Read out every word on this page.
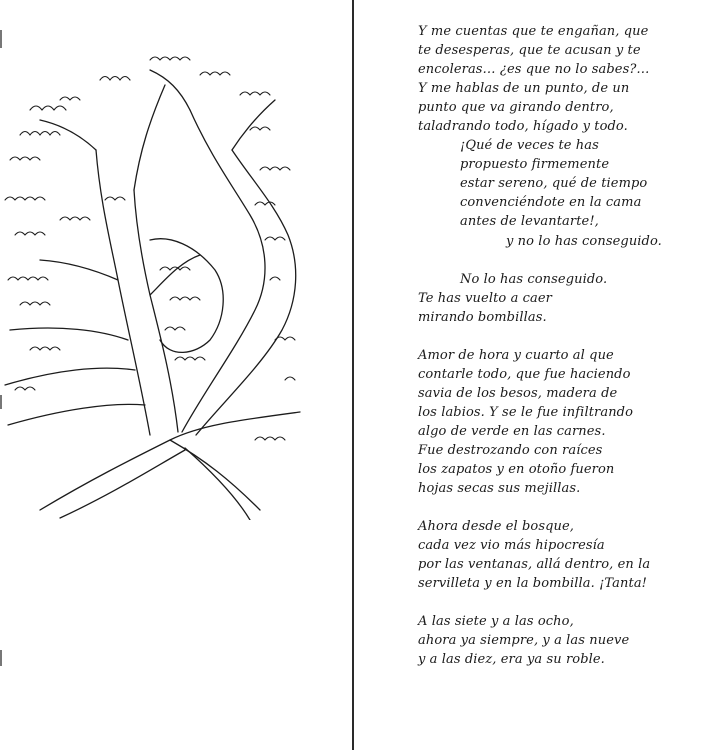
Y me cuentas que te engañan, que
te desesperas, que te acusan y te
encoleras… ¿es que no lo sabes?…
Y me hablas de un punto, de un
punto que va girando dentro,
taladrando todo, hígado y todo.
¡Qué de veces te has
propuesto firmemente
estar sereno, qué de tiempo
convenciéndote en la cama
antes de levantarte!,
y no lo has conseguido.
No lo has conseguido.
Te has vuelto a caer
mirando bombillas.
Amor de hora y cuarto al que
contarle todo, que fue haciendo
savia de los besos, madera de
los labios. Y se le fue infiltrando
algo de verde en las carnes.
Fue destrozando con raíces
los zapatos y en otoño fueron
hojas secas sus mejillas.
Ahora desde el bosque,
cada vez vio más hipocresía
por las ventanas, allá dentro, en la
servilleta y en la bombilla. ¡Tanta!
A las siete y a las ocho,
ahora ya siempre, y a las nueve
y a las diez, era ya su roble.
